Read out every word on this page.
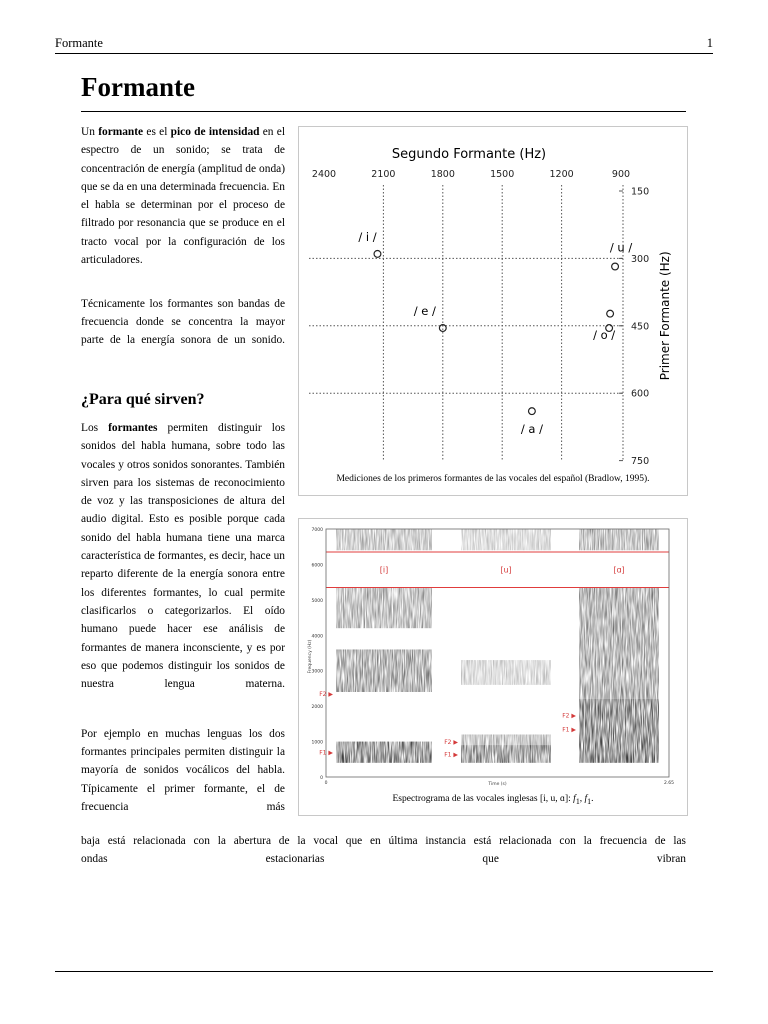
Formante	1
Formante

Un formante es el pico de intensidad en el espectro de un sonido; se trata de concentración de energía (amplitud de onda) que se da en una determinada frecuencia. En el habla se determinan por el proceso de filtrado por resonancia que se produce en el tracto vocal por la configuración de los articuladores.

Técnicamente los formantes son bandas de frecuencia donde se concentra la mayor parte de la energía sonora de un sonido.

¿Para qué sirven?

Los formantes permiten distinguir los sonidos del habla humana, sobre todo las vocales y otros sonidos sonorantes. También sirven para los sistemas de reconocimiento de voz y las transposiciones de altura del audio digital. Esto es posible porque cada sonido del habla humana tiene una marca característica de formantes, es decir, hace un reparto diferente de la energía sonora entre los diferentes formantes, lo cual permite clasificarlos o categorizarlos. El oído humano puede hacer ese análisis de formantes de manera inconsciente, y es por eso que podemos distinguir los sonidos de nuestra lengua materna.

Por ejemplo en muchas lenguas los dos formantes principales permiten distinguir la mayoría de sonidos vocálicos del habla. Típicamente el primer formante, el de frecuencia más

baja está relacionada con la abertura de la vocal que en última instancia está relacionada con la frecuencia de las
ondas estacionarias que vibran
Segundo Formante (Hz)
2400	2100	1800	1500	1200	900
150
300
450
600
750
Primer Formante (Hz)
/ i /
/ e /
/ a /
/ o /
/ u /
Mediciones de los primeros formantes de las vocales del español (Bradlow, 1995).
[i]	[u]	[ɑ]
7000
6000
5000
4000
3000
2000
1000
0
Frequency (Hz)
0	2.65
Time (s)
F1 ▶
F2 ▶
F1 ▶
F2 ▶
F1 ▶
F2 ▶
Espectrograma de las vocales inglesas [i, u, ɑ]: $f_1$, $f_1$.
